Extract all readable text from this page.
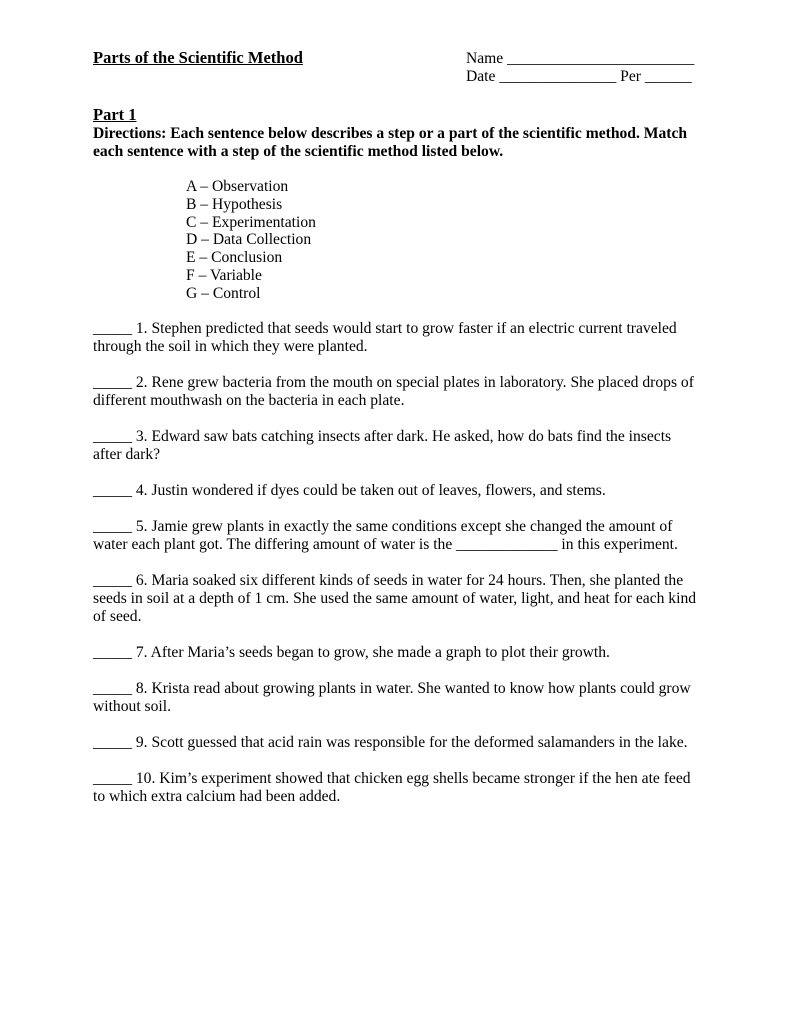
Parts of the Scientific Method	Name ________________________
Date _______________ Per ______
Part 1
Directions: Each sentence below describes a step or a part of the scientific method. Match each sentence with a step of the scientific method listed below.
A – Observation
B – Hypothesis
C – Experimentation
D – Data Collection
E – Conclusion
F – Variable
G – Control
_____ 1. Stephen predicted that seeds would start to grow faster if an electric current traveled through the soil in which they were planted.
_____ 2. Rene grew bacteria from the mouth on special plates in laboratory. She placed drops of different mouthwash on the bacteria in each plate.
_____ 3. Edward saw bats catching insects after dark. He asked, how do bats find the insects after dark?
_____ 4. Justin wondered if dyes could be taken out of leaves, flowers, and stems.
_____ 5. Jamie grew plants in exactly the same conditions except she changed the amount of water each plant got. The differing amount of water is the _____________ in this experiment.
_____ 6. Maria soaked six different kinds of seeds in water for 24 hours. Then, she planted the seeds in soil at a depth of 1 cm. She used the same amount of water, light, and heat for each kind of seed.
_____ 7. After Maria’s seeds began to grow, she made a graph to plot their growth.
_____ 8. Krista read about growing plants in water. She wanted to know how plants could grow without soil.
_____ 9. Scott guessed that acid rain was responsible for the deformed salamanders in the lake.
_____ 10. Kim’s experiment showed that chicken egg shells became stronger if the hen ate feed to which extra calcium had been added.
